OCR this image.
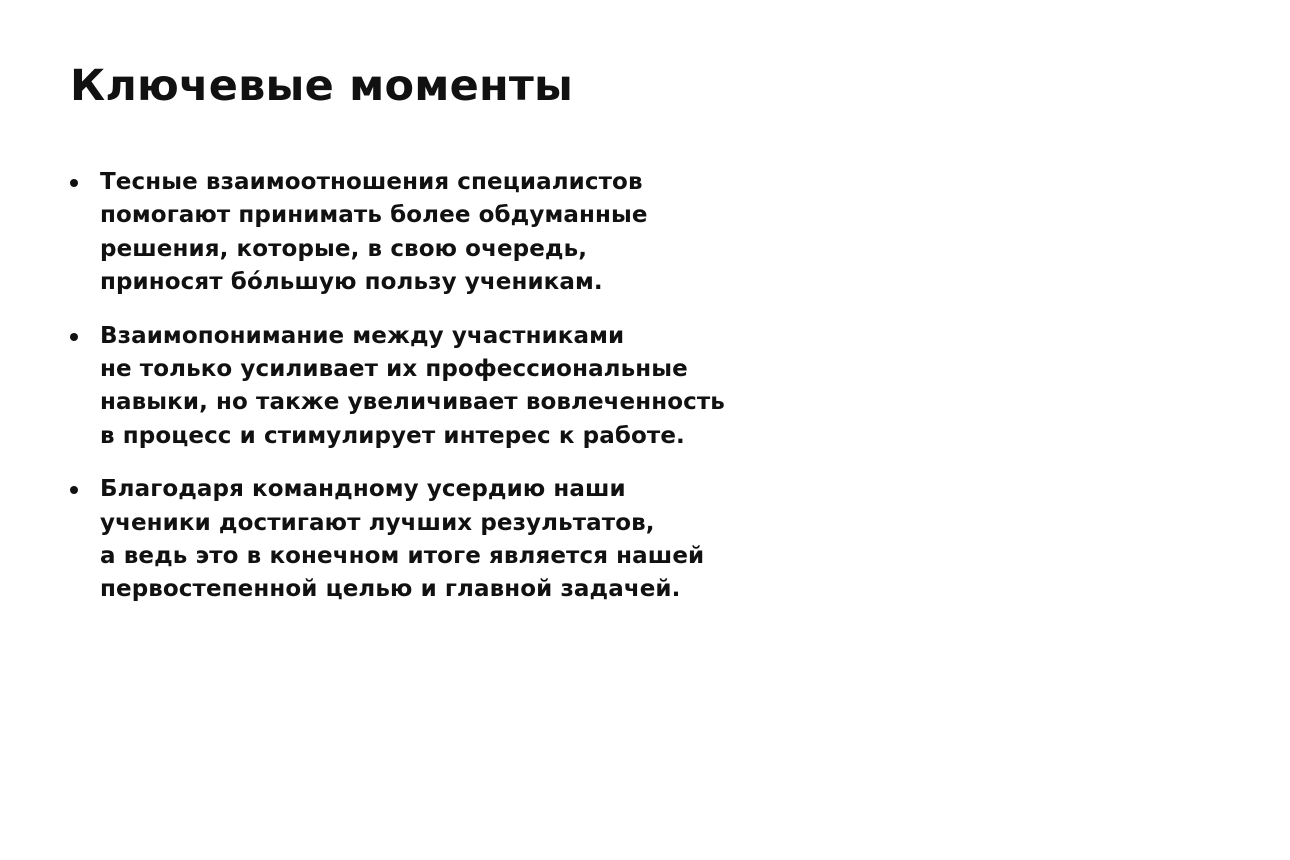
Ключевые моменты
Тесные взаимоотношения специалистов
помогают принимать более обдуманные
решения, которые, в свою очередь,
приносят бóльшую пользу ученикам.
Взаимопонимание между участниками
не только усиливает их профессиональные
навыки, но также увеличивает вовлеченность
в процесс и стимулирует интерес к работе.
Благодаря командному усердию наши
ученики достигают лучших результатов,
а ведь это в конечном итоге является нашей
первостепенной целью и главной задачей.
